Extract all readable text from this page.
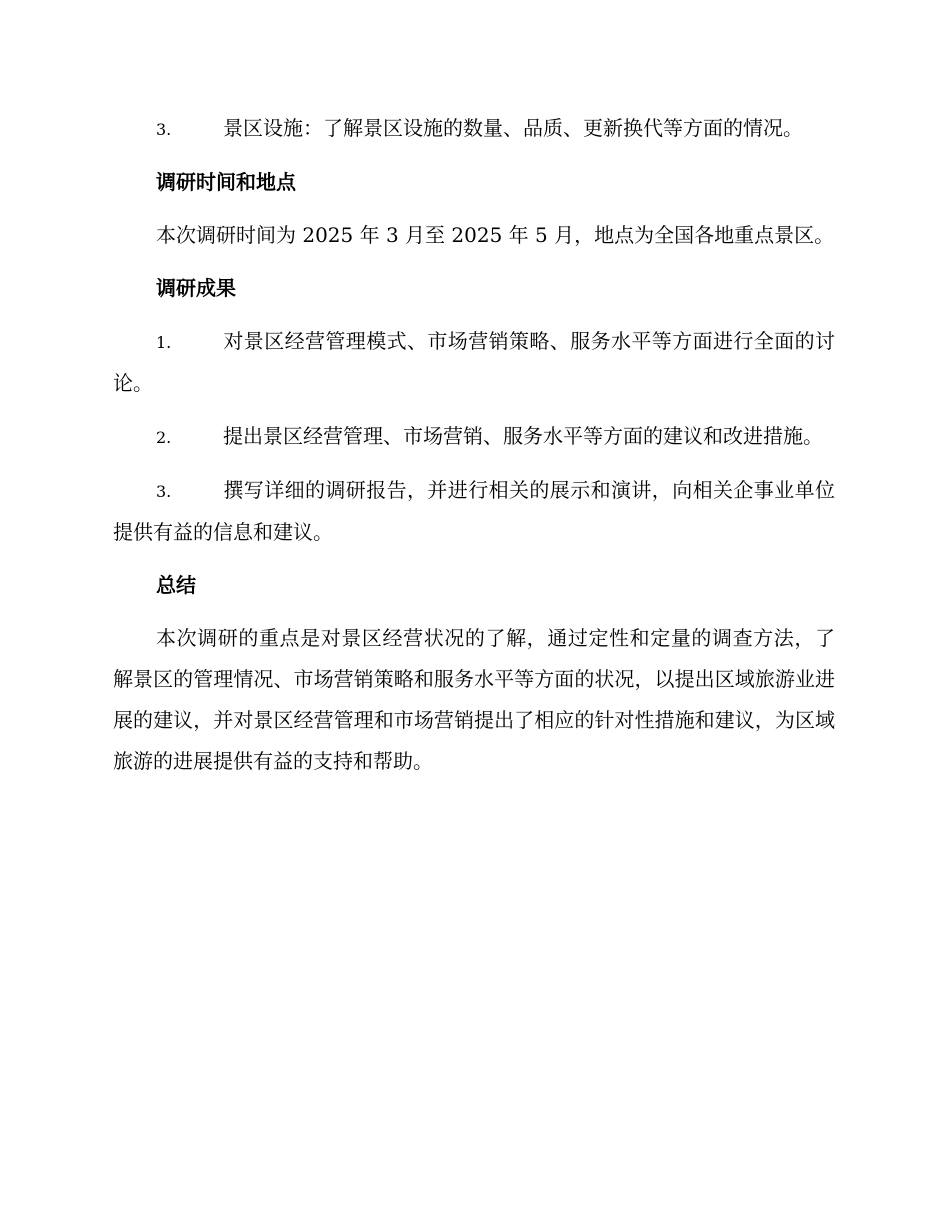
3.	景区设施：了解景区设施的数量、品质、更新换代等方面的情况。

调研时间和地点

本次调研时间为 2025 年 3 月至 2025 年 5 月，地点为全国各地重点景区。

调研成果

1.	对景区经营管理模式、市场营销策略、服务水平等方面进行全面的讨论。

2.	提出景区经营管理、市场营销、服务水平等方面的建议和改进措施。

3.	撰写详细的调研报告，并进行相关的展示和演讲，向相关企事业单位提供有益的信息和建议。

总结

本次调研的重点是对景区经营状况的了解，通过定性和定量的调查方法，了解景区的管理情况、市场营销策略和服务水平等方面的状况，以提出区域旅游业进展的建议，并对景区经营管理和市场营销提出了相应的针对性措施和建议，为区域旅游的进展提供有益的支持和帮助。
